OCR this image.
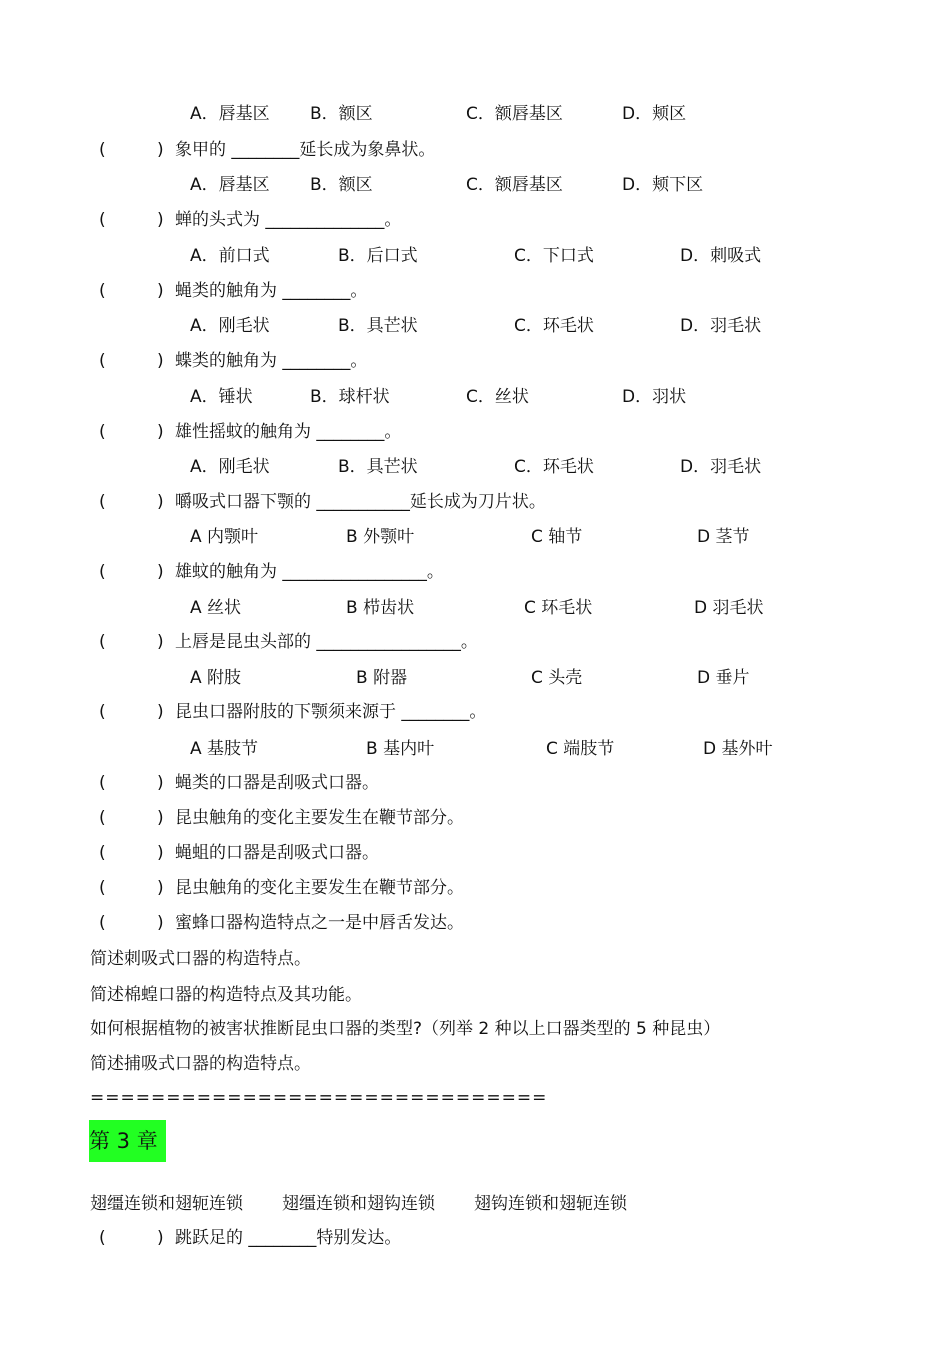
A．唇基区 B．额区	C．额唇基区	D．颊区
(	) 象甲的 ________延长成为象鼻状。
A．唇基区 B．额区	C．额唇基区	D．颊下区
(	) 蝉的头式为 ______________。
A．前口式	B．后口式	C．下口式	D．刺吸式
(	) 蝇类的触角为 ________。
A．刚毛状	B．具芒状	C．环毛状	D．羽毛状
(	) 蝶类的触角为 ________。
A．锤状	B．球杆状	C．丝状	D．羽状
(	) 雄性摇蚊的触角为 ________。
A．刚毛状	B．具芒状	C．环毛状	D．羽毛状
(	) 嚼吸式口器下颚的 ___________延长成为刀片状。
A 内颚叶	B 外颚叶	C 轴节	D 茎节
(	) 雄蚊的触角为 _________________。
A 丝状	B 栉齿状	C 环毛状	D 羽毛状
(	) 上唇是昆虫头部的 _________________。
A 附肢	B 附器	C 头壳	D 垂片
(	) 昆虫口器附肢的下颚须来源于 ________。
A 基肢节	B 基内叶	C 端肢节	D 基外叶
(	) 蝇类的口器是刮吸式口器。
(	) 昆虫触角的变化主要发生在鞭节部分。
(	) 蝇蛆的口器是刮吸式口器。
(	) 昆虫触角的变化主要发生在鞭节部分。
(	) 蜜蜂口器构造特点之一是中唇舌发达。
简述刺吸式口器的构造特点。
简述棉蝗口器的构造特点及其功能。
如何根据植物的被害状推断昆虫口器的类型?（列举 2 种以上口器类型的 5 种昆虫）
简述捕吸式口器的构造特点。
==============================
第 3 章
翅缰连锁和翅轭连锁 翅缰连锁和翅钩连锁 翅钩连锁和翅轭连锁
(	) 跳跃足的 ________特别发达。
